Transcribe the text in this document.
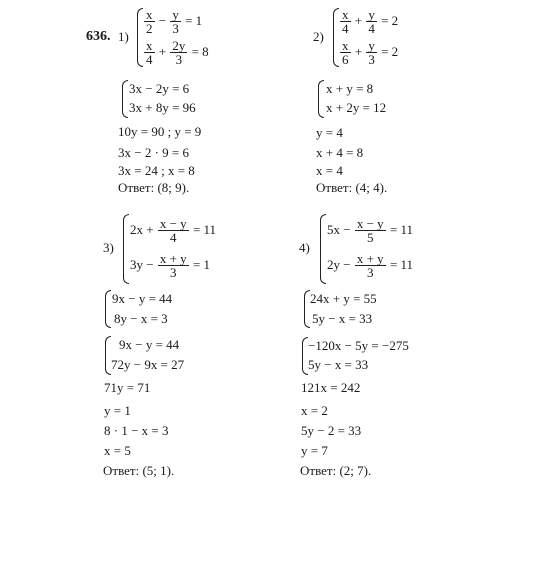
636. 1)
$\frac{x}{2} - \frac{y}{3} = 1$
$\frac{x}{4} + \frac{2y}{3} = 8$
3x − 2y = 6
3x + 8y = 96
10y = 90 ; y = 9
3x − 2 · 9 = 6
3x = 24 ; x = 8
Ответ: (8; 9).
2)
$\frac{x}{4} + \frac{y}{4} = 2$
$\frac{x}{6} + \frac{y}{3} = 2$
x + y = 8
x + 2y = 12
y = 4
x + 4 = 8
x = 4
Ответ: (4; 4).
3)
$2x + \frac{x - y}{4} = 11$
$3y - \frac{x + y}{3} = 1$
9x − y = 44
8y − x = 3
9x − y = 44
72y − 9x = 27
71y = 71
y = 1
8 · 1 − x = 3
x = 5
Ответ: (5; 1).
4)
$5x - \frac{x - y}{5} = 11$
$2y - \frac{x + y}{3} = 11$
24x + y = 55
5y − x = 33
−120x − 5y = −275
5y − x = 33
121x = 242
x = 2
5y − 2 = 33
y = 7
Ответ: (2; 7).
